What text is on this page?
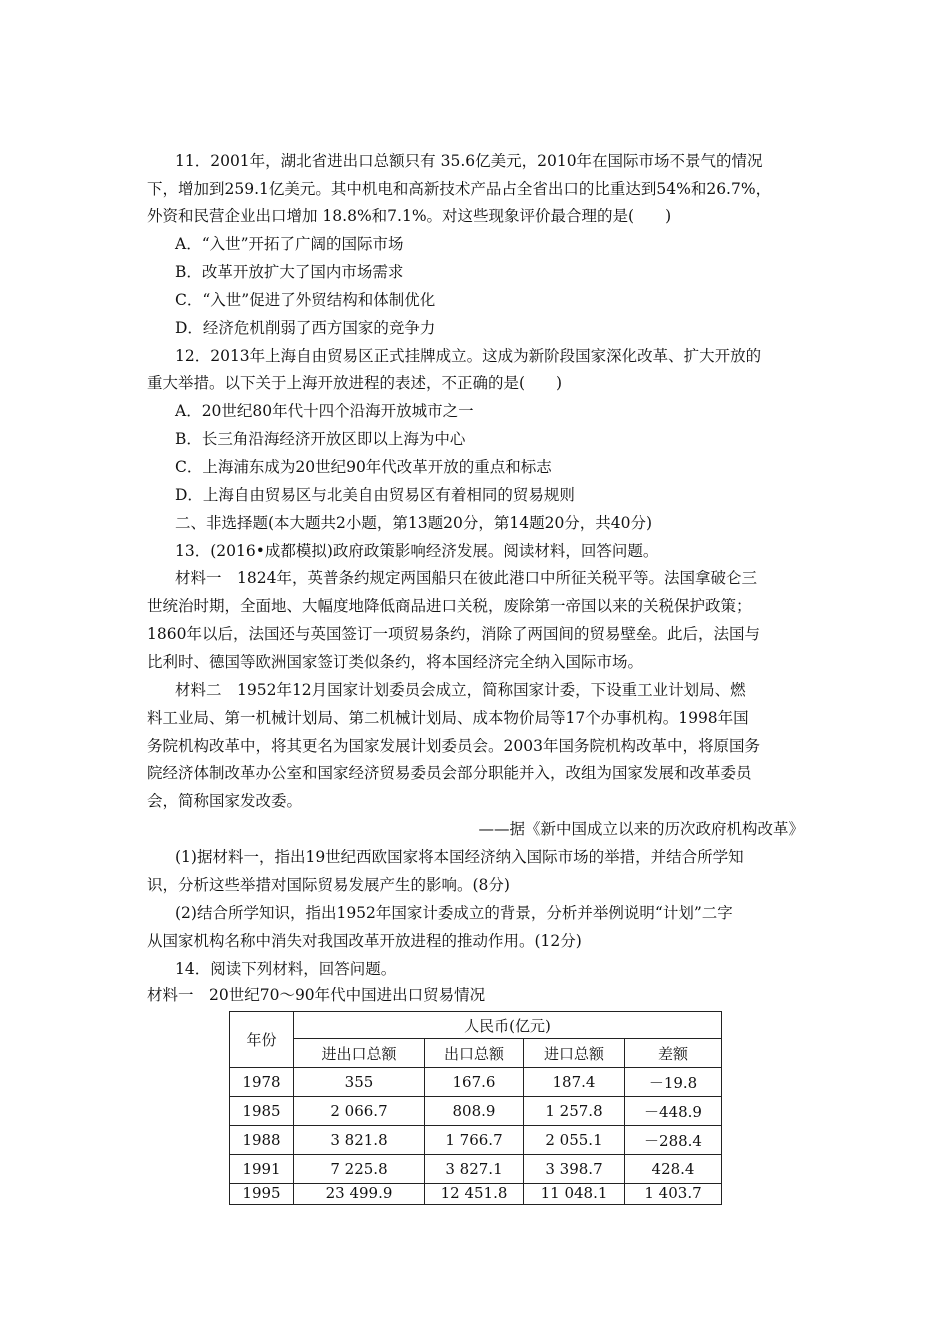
11．2001年，湖北省进出口总额只有 35.6亿美元，2010年在国际市场不景气的情况
下，增加到259.1亿美元。其中机电和高新技术产品占全省出口的比重达到54%和26.7%，
外资和民营企业出口增加 18.8%和7.1%。对这些现象评价最合理的是(　　)
A．“入世”开拓了广阔的国际市场
B．改革开放扩大了国内市场需求
C．“入世”促进了外贸结构和体制优化
D．经济危机削弱了西方国家的竞争力
12．2013年上海自由贸易区正式挂牌成立。这成为新阶段国家深化改革、扩大开放的
重大举措。以下关于上海开放进程的表述，不正确的是(　　)
A．20世纪80年代十四个沿海开放城市之一
B．长三角沿海经济开放区即以上海为中心
C．上海浦东成为20世纪90年代改革开放的重点和标志
D．上海自由贸易区与北美自由贸易区有着相同的贸易规则
二、非选择题(本大题共2小题，第13题20分，第14题20分，共40分)
13．(2016•成都模拟)政府政策影响经济发展。阅读材料，回答问题。
材料一　1824年，英普条约规定两国船只在彼此港口中所征关税平等。法国拿破仑三
世统治时期，全面地、大幅度地降低商品进口关税，废除第一帝国以来的关税保护政策；
1860年以后，法国还与英国签订一项贸易条约，消除了两国间的贸易壁垒。此后，法国与
比利时、德国等欧洲国家签订类似条约，将本国经济完全纳入国际市场。
材料二　1952年12月国家计划委员会成立，简称国家计委，下设重工业计划局、燃
料工业局、第一机械计划局、第二机械计划局、成本物价局等17个办事机构。1998年国
务院机构改革中，将其更名为国家发展计划委员会。2003年国务院机构改革中，将原国务
院经济体制改革办公室和国家经济贸易委员会部分职能并入，改组为国家发展和改革委员
会，简称国家发改委。
——据《新中国成立以来的历次政府机构改革》
(1)据材料一，指出19世纪西欧国家将本国经济纳入国际市场的举措，并结合所学知
识，分析这些举措对国际贸易发展产生的影响。(8分)
(2)结合所学知识，指出1952年国家计委成立的背景，分析并举例说明“计划”二字
从国家机构名称中消失对我国改革开放进程的推动作用。(12分)
14．阅读下列材料，回答问题。
材料一　20世纪70～90年代中国进出口贸易情况
年份	人民币(亿元)			
	进出口总额	出口总额	进口总额	差额
1978	355	167.6	187.4	－19.8
1985	2 066.7	808.9	1 257.8	－448.9
1988	3 821.8	1 766.7	2 055.1	－288.4
1991	7 225.8	3 827.1	3 398.7	428.4
1995	23 499.9	12 451.8	11 048.1	1 403.7
